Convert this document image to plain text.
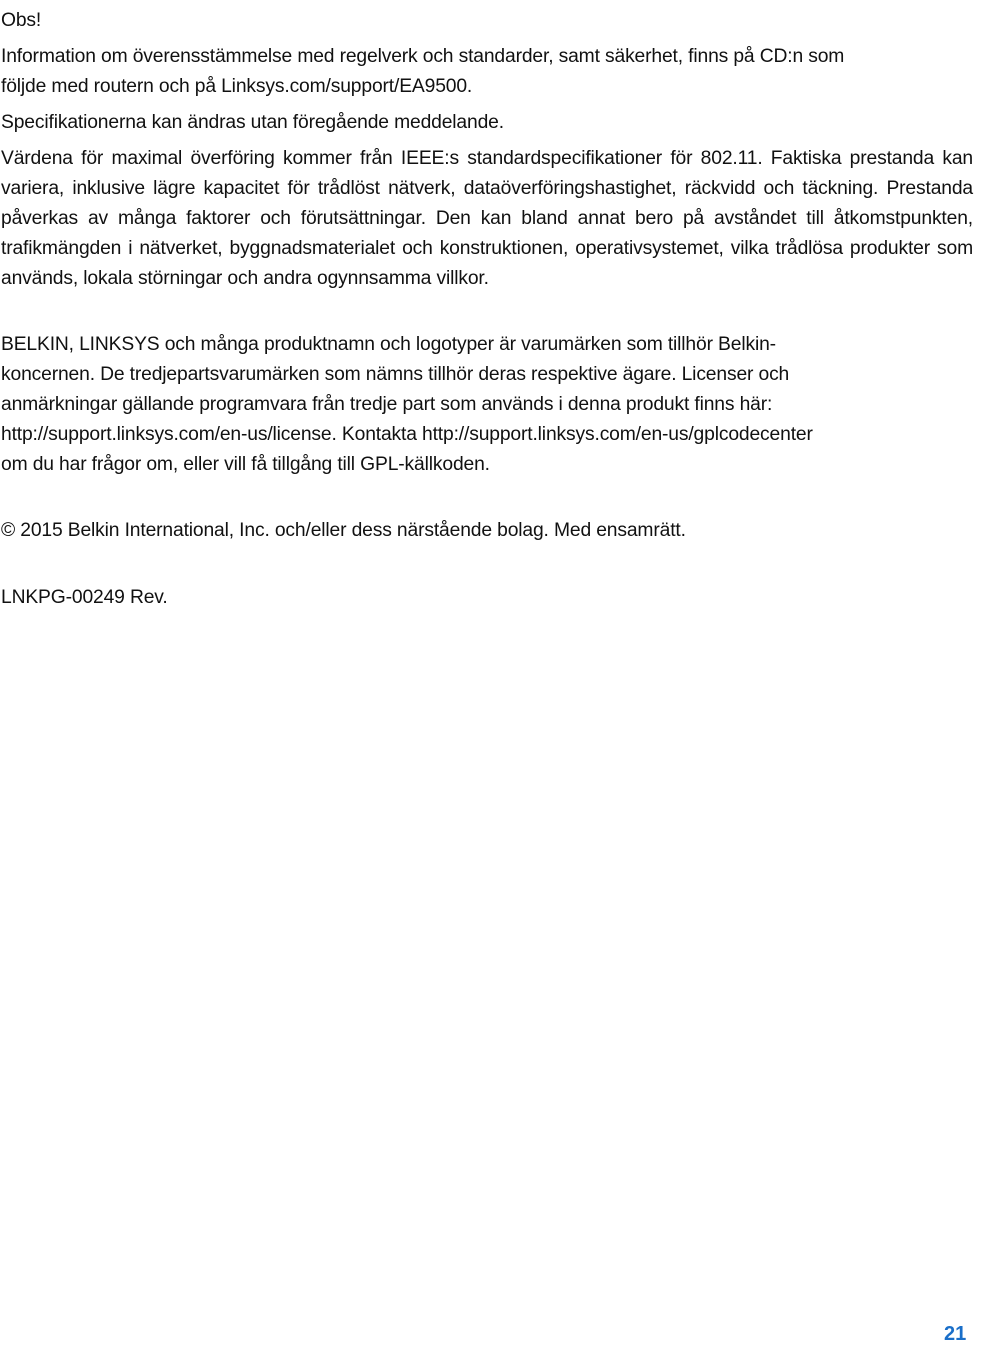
Obs!

Information om överensstämmelse med regelverk och standarder, samt säkerhet, finns på CD:n som
följde med routern och på Linksys.com/support/EA9500.

Specifikationerna kan ändras utan föregående meddelande.

Värdena för maximal överföring kommer från IEEE:s standardspecifikationer för 802.11. Faktiska prestanda kan variera, inklusive lägre kapacitet för trådlöst nätverk, dataöverföringshastighet, räckvidd och täckning. Prestanda påverkas av många faktorer och förutsättningar. Den kan bland annat bero på avståndet till åtkomstpunkten, trafikmängden i nätverket, byggnadsmaterialet och konstruktionen, operativsystemet, vilka trådlösa produkter som används, lokala störningar och andra ogynnsamma villkor.

BELKIN, LINKSYS och många produktnamn och logotyper är varumärken som tillhör Belkin-
koncernen. De tredjepartsvarumärken som nämns tillhör deras respektive ägare. Licenser och
anmärkningar gällande programvara från tredje part som används i denna produkt finns här:
http://support.linksys.com/en-us/license. Kontakta http://support.linksys.com/en-us/gplcodecenter
om du har frågor om, eller vill få tillgång till GPL-källkoden.

© 2015 Belkin International, Inc. och/eller dess närstående bolag. Med ensamrätt.

LNKPG-00249 Rev.

21
